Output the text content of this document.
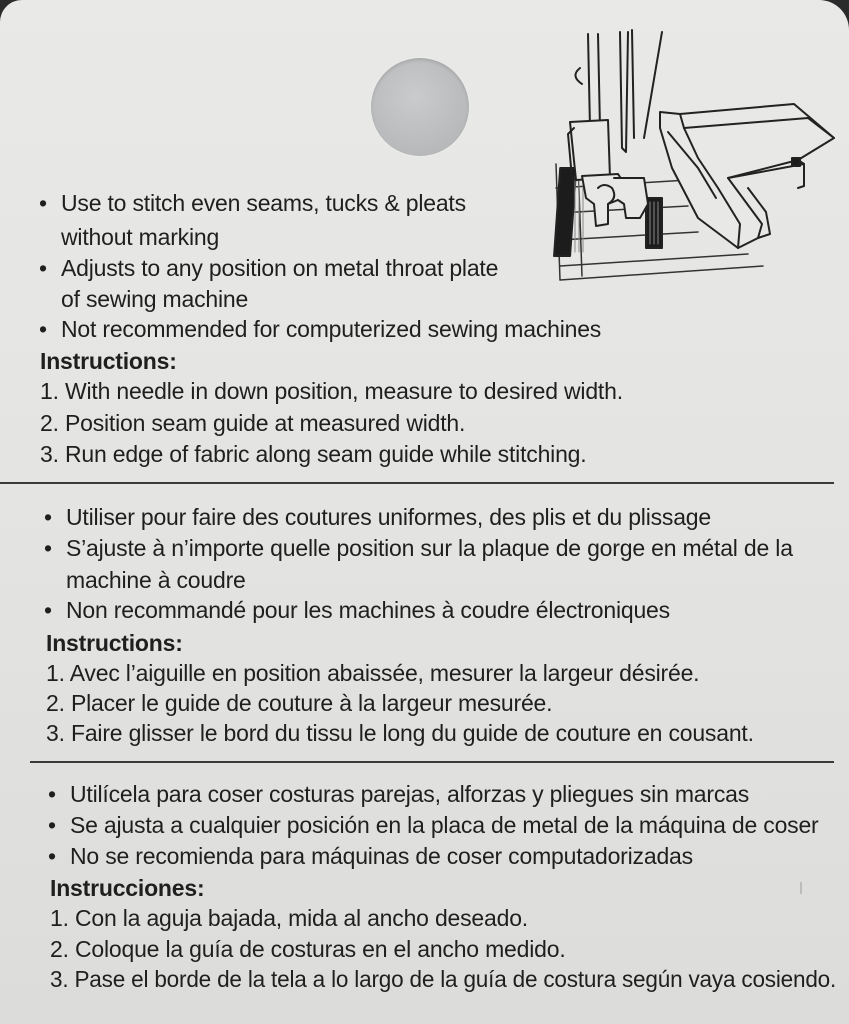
• Use to stitch even seams, tucks & pleats
without marking
• Adjusts to any position on metal throat plate
of sewing machine
• Not recommended for computerized sewing machines
Instructions:
1. With needle in down position, measure to desired width.
2. Position seam guide at measured width.
3. Run edge of fabric along seam guide while stitching.
• Utiliser pour faire des coutures uniformes, des plis et du plissage
• S’ajuste à n’importe quelle position sur la plaque de gorge en métal de la
machine à coudre
• Non recommandé pour les machines à coudre électroniques
Instructions:
1. Avec l’aiguille en position abaissée, mesurer la largeur désirée.
2. Placer le guide de couture à la largeur mesurée.
3. Faire glisser le bord du tissu le long du guide de couture en cousant.
• Utilícela para coser costuras parejas, alforzas y pliegues sin marcas
• Se ajusta a cualquier posición en la placa de metal de la máquina de coser
• No se recomienda para máquinas de coser computadorizadas
Instrucciones:
1. Con la aguja bajada, mida al ancho deseado.
2. Coloque la guía de costuras en el ancho medido.
3. Pase el borde de la tela a lo largo de la guía de costura según vaya cosiendo.
